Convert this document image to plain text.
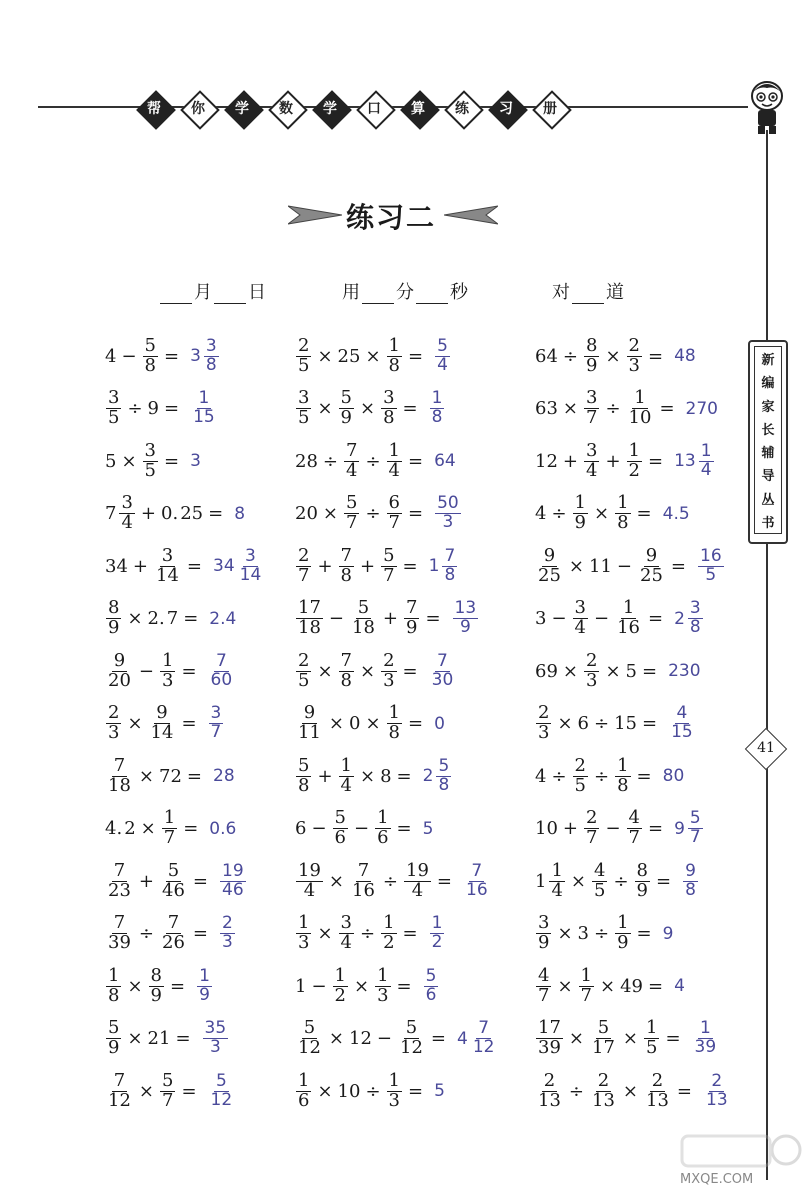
帮	你	学	数	学	口	算	练	习	册
练习二
月 日	用 分 秒	对 道
新
编
家
长
辅
导
丛
书
41
$4 - \frac{5}{8} = 3$
3
8
$\frac{3}{5} \div 9 = 1$
15
$5 \times \frac{3}{5} = 3$
7
3
4 + 0. 25 = 8
$34 + \frac{3}{14} = 34$
3
14
$\frac{8}{9} \times 2$. 7 = 2.4
9
$20 - \frac{1}{3} = 7$
60
$\frac{2}{3} \times \frac{9}{14} = 3$
7
$\frac{7}{18} \times 72 = 28$
4. $2 \times \frac{1}{7} = 0.6$
7
$23 + \frac{5}{46} = 19$
46
$\frac{7}{39} \div \frac{7}{26} = 2$
3
$\frac{1}{8} \times \frac{8}{9} = 1$
9
$\frac{5}{9} \times 21 = 35$
3
$\frac{7}{12} \times \frac{5}{7} = 5$
12
$\frac{2}{5} \times 25 \times \frac{1}{8} = 5$
4
$\frac{3}{5} \times \frac{5}{9} \times \frac{3}{8} = 1$
8
$28 \div \frac{7}{4} \div \frac{1}{4} = 64$
$20 \times \frac{5}{7} \div \frac{6}{7} = 50$
3
2
$7 + \frac{7}{8} + \frac{5}{7} = 1$
7
8
17
$18 - \frac{5}{18} + \frac{7}{9} = 13$
9
$\frac{2}{5} \times \frac{7}{8} \times \frac{2}{3} = 7$
30
$\frac{9}{11} \times 0 \times \frac{1}{8} = 0$
5
$8 + \frac{1}{4} \times 8 = 2$
5
8
$6 - \frac{5}{6} - \frac{1}{6} = 5$
$\frac{19}{4} \times \frac{7}{16} \div \frac{19}{4} = 7$
16
$\frac{1}{3} \times \frac{3}{4} \div \frac{1}{2} = 1$
2
$1 - \frac{1}{2} \times \frac{1}{3} = 5$
6
$\frac{5}{12} \times 12 - \frac{5}{12} = 4$
7
12
$\frac{1}{6} \times 10 \div \frac{1}{3} = 5$
$64 \div \frac{8}{9} \times \frac{2}{3} = 48$
$63 \times \frac{3}{7} \div \frac{1}{10} = 270$
$12 + \frac{3}{4} + \frac{1}{2} = 13$
1
4
$4 \div \frac{1}{9} \times \frac{1}{8} = 4.5$
$\frac{9}{25} \times 11 - \frac{9}{25} = 16$
5
$3 - \frac{3}{4} - \frac{1}{16} = 2$
3
8
$69 \times \frac{2}{3} \times 5 = 230$
$\frac{2}{3} \times 6 \div 15 = 4$
15
$4 \div \frac{2}{5} \div \frac{1}{8} = 80$
$10 + \frac{2}{7} - \frac{4}{7} = 9$
5
7
$1 \frac{1}{4} \times \frac{4}{5} \div \frac{8}{9} = 9$
8
$\frac{3}{9} \times 3 \div \frac{1}{9} = 9$
$\frac{4}{7} \times \frac{1}{7} \times 49 = 4$
$\frac{17}{39} \times \frac{5}{17} \times \frac{1}{5} = 1$
39
$\frac{2}{13} \div \frac{2}{13} \times \frac{2}{13} = 2$
13
MXQE.COM
